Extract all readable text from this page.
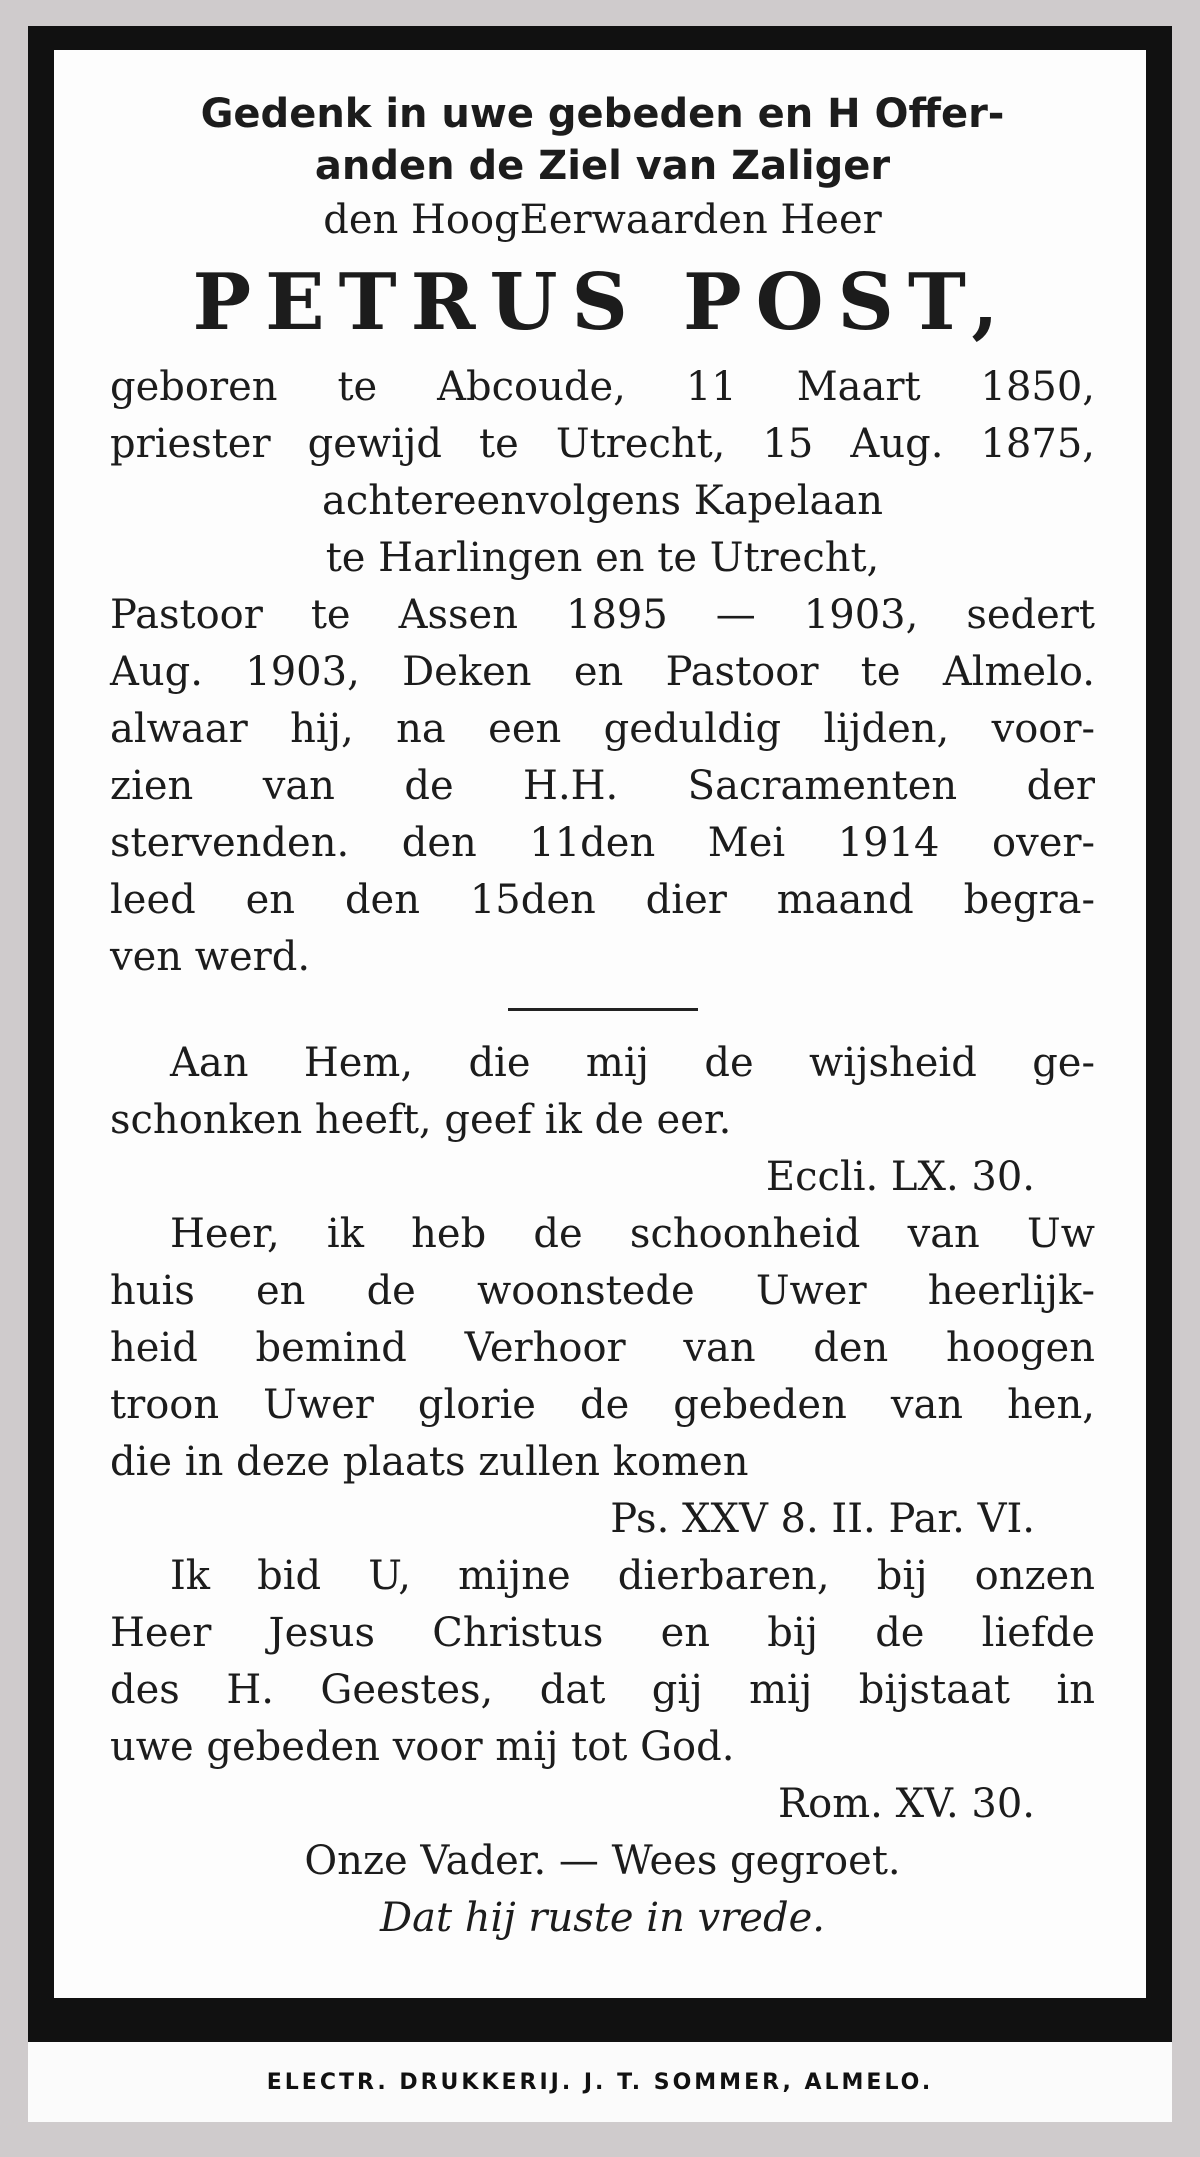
Gedenk in uwe gebeden en H Offer-

anden de Ziel van Zaliger

den HoogEerwaarden Heer

PETRUS POST,

geboren te Abcoude, 11 Maart 1850,

priester gewijd te Utrecht, 15 Aug. 1875,

achtereenvolgens Kapelaan

te Harlingen en te Utrecht,

Pastoor te Assen 1895 — 1903, sedert

Aug. 1903, Deken en Pastoor te Almelo.

alwaar hij, na een geduldig lijden, voor-

zien van de H.H. Sacramenten der

stervenden. den 11den Mei 1914 over-

leed en den 15den dier maand begra-

ven werd.

Aan Hem, die mij de wijsheid ge-

schonken heeft, geef ik de eer.

Eccli. LX. 30.

Heer, ik heb de schoonheid van Uw

huis en de woonstede Uwer heerlijk-

heid bemind Verhoor van den hoogen

troon Uwer glorie de gebeden van hen,

die in deze plaats zullen komen

Ps. XXV 8. II. Par. VI.

Ik bid U, mijne dierbaren, bij onzen

Heer Jesus Christus en bij de liefde

des H. Geestes, dat gij mij bijstaat in

uwe gebeden voor mij tot God.

Rom. XV. 30.

Onze Vader. — Wees gegroet.

Dat hij ruste in vrede.

ELECTR. DRUKKERIJ. J. T. SOMMER, ALMELO.
